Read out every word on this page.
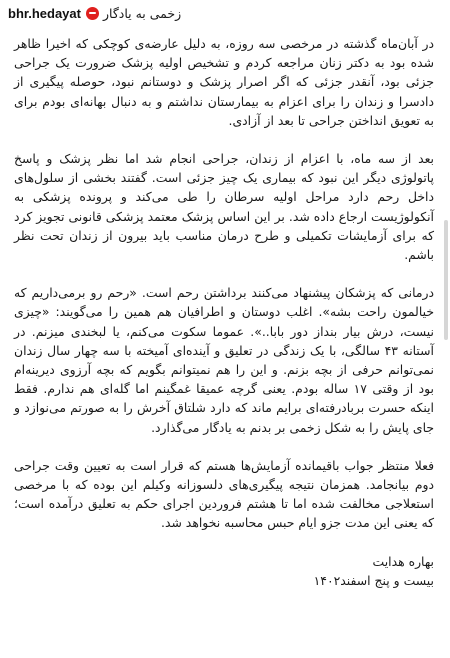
bhr.hedayat زخمی به یادگار

در آبان‌ماه گذشته در مرخصی سه روزه، به دلیل عارضه‌ی کوچکی که اخیرا ظاهر شده بود به دکتر زنان مراجعه کردم و تشخیص اولیه پزشک ضرورت یک جراحی جزئی بود، آنقدر جزئی که اگر اصرار پزشک و دوستانم نبود، حوصله پیگیری از دادسرا و زندان را برای اعزام به بیمارستان نداشتم و به دنبال بهانه‌ای بودم برای به تعویق انداختن جراحی تا بعد از آزادی.

بعد از سه ماه، با اعزام از زندان، جراحی انجام شد اما نظر پزشک و پاسخ پاتولوژی دیگر این نبود که بیماری یک چیز جزئی است. گفتند بخشی از سلول‌های داخل رحم دارد مراحل اولیه سرطان را طی می‌کند و پرونده پزشکی به آنکولوژیست ارجاع داده شد. بر این اساس پزشک معتمد پزشکی قانونی تجویز کرد که برای آزمایشات تکمیلی و طرح درمان مناسب باید بیرون از زندان تحت نظر باشم.

درمانی که پزشکان پیشنهاد می‌کنند برداشتن رحم است. «رحم رو برمی‌داریم که خیالمون راحت بشه». اغلب دوستان و اطرافیان هم همین را می‌گویند: «چیزی نیست، درش بیار بنداز دور بابا..». عموما سکوت می‌کنم، یا لبخندی میزنم. در آستانه ۴۳ سالگی، با یک زندگی در تعلیق و آینده‌ای آمیخته با سه چهار سال زندان نمی‌توانم حرفی از بچه بزنم. و این را هم نمیتوانم بگویم که بچه آرزوی دیرینه‌ام بود از وقتی ۱۷ ساله بودم. یعنی گرچه عمیقا غمگینم اما گله‌ای هم ندارم. فقط اینکه حسرت بربادرفته‌ای برایم ماند که دارد شلتاق آخرش را به صورتم می‌نوازد و جای پایش را به شکل زخمی بر بدنم به یادگار می‌گذارد.

فعلا منتظر جواب باقیمانده آزمایش‌ها هستم که قرار است به تعیین وقت جراحی دوم بیانجامد. همزمان نتیجه پیگیری‌های دلسوزانه وکیلم این بوده که با مرخصی استعلاجی مخالفت شده اما تا هشتم فروردین اجرای حکم به تعلیق درآمده است؛ که یعنی این مدت جزو ایام حبس محاسبه نخواهد شد.

بهاره هدایت

بیست و پنج اسفند۱۴۰۲
